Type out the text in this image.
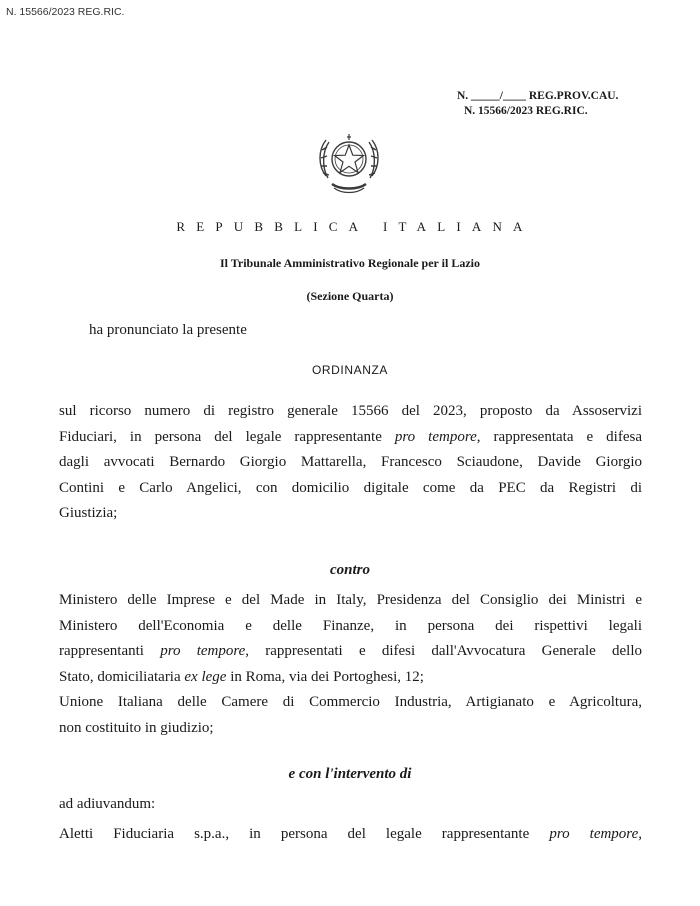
N. 15566/2023 REG.RIC.
N. _____/____ REG.PROV.CAU.
N. 15566/2023 REG.RIC.
REPUBBLICA ITALIANA
Il Tribunale Amministrativo Regionale per il Lazio
(Sezione Quarta)
ha pronunciato la presente
ORDINANZA
sul ricorso numero di registro generale 15566 del 2023, proposto da Assoservizi
Fiduciari, in persona del legale rappresentante pro tempore, rappresentata e difesa
dagli avvocati Bernardo Giorgio Mattarella, Francesco Sciaudone, Davide Giorgio
Contini e Carlo Angelici, con domicilio digitale come da PEC da Registri di
Giustizia;
contro
Ministero delle Imprese e del Made in Italy, Presidenza del Consiglio dei Ministri e
Ministero dell'Economia e delle Finanze, in persona dei rispettivi legali
rappresentanti pro tempore, rappresentati e difesi dall'Avvocatura Generale dello
Stato, domiciliataria ex lege in Roma, via dei Portoghesi, 12;
Unione Italiana delle Camere di Commercio Industria, Artigianato e Agricoltura,
non costituito in giudizio;
e con l'intervento di
ad adiuvandum:
Aletti Fiduciaria s.p.a., in persona del legale rappresentante pro tempore,
